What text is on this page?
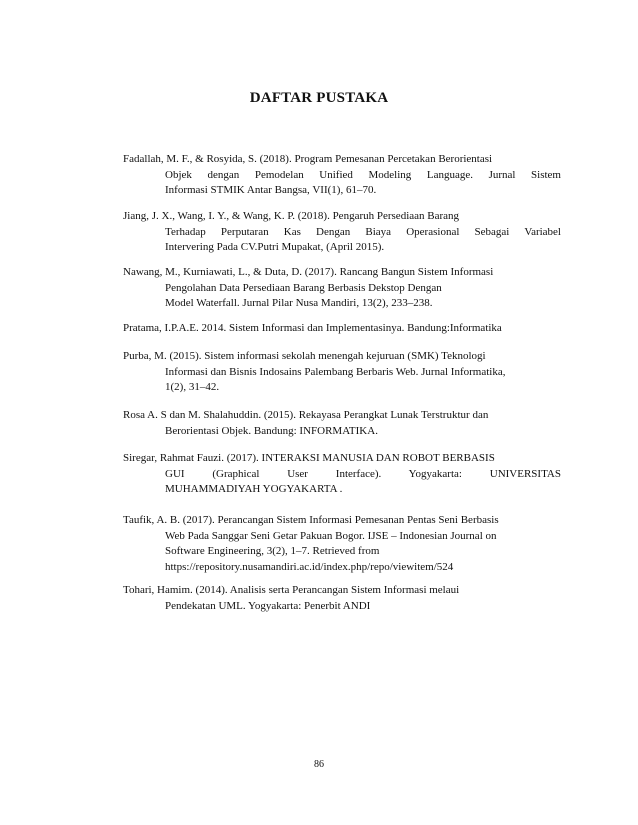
DAFTAR PUSTAKA
Fadallah, M. F., & Rosyida, S. (2018). Program Pemesanan Percetakan Berorientasi
Objek dengan Pemodelan Unified Modeling Language. Jurnal Sistem
Informasi STMIK Antar Bangsa, VII(1), 61–70.
Jiang, J. X., Wang, I. Y., & Wang, K. P. (2018). Pengaruh Persediaan Barang
Terhadap Perputaran Kas Dengan Biaya Operasional Sebagai Variabel
Intervering Pada CV.Putri Mupakat, (April 2015).
Nawang, M., Kurniawati, L., & Duta, D. (2017). Rancang Bangun Sistem Informasi
Pengolahan Data Persediaan Barang Berbasis Dekstop Dengan
Model Waterfall. Jurnal Pilar Nusa Mandiri, 13(2), 233–238.
Pratama, I.P.A.E. 2014. Sistem Informasi dan Implementasinya. Bandung:Informatika
Purba, M. (2015). Sistem informasi sekolah menengah kejuruan (SMK) Teknologi
Informasi dan Bisnis Indosains Palembang Berbaris Web. Jurnal Informatika,
1(2), 31–42.
Rosa A. S dan M. Shalahuddin. (2015). Rekayasa Perangkat Lunak Terstruktur dan
Berorientasi Objek. Bandung: INFORMATIKA.
Siregar, Rahmat Fauzi. (2017). INTERAKSI MANUSIA DAN ROBOT BERBASIS
GUI (Graphical User Interface). Yogyakarta: UNIVERSITAS
MUHAMMADIYAH YOGYAKARTA .
Taufik, A. B. (2017). Perancangan Sistem Informasi Pemesanan Pentas Seni Berbasis
Web Pada Sanggar Seni Getar Pakuan Bogor. IJSE – Indonesian Journal on
Software Engineering, 3(2), 1–7. Retrieved from
https://repository.nusamandiri.ac.id/index.php/repo/viewitem/524
Tohari, Hamim. (2014). Analisis serta Perancangan Sistem Informasi melaui
Pendekatan UML. Yogyakarta: Penerbit ANDI
86
